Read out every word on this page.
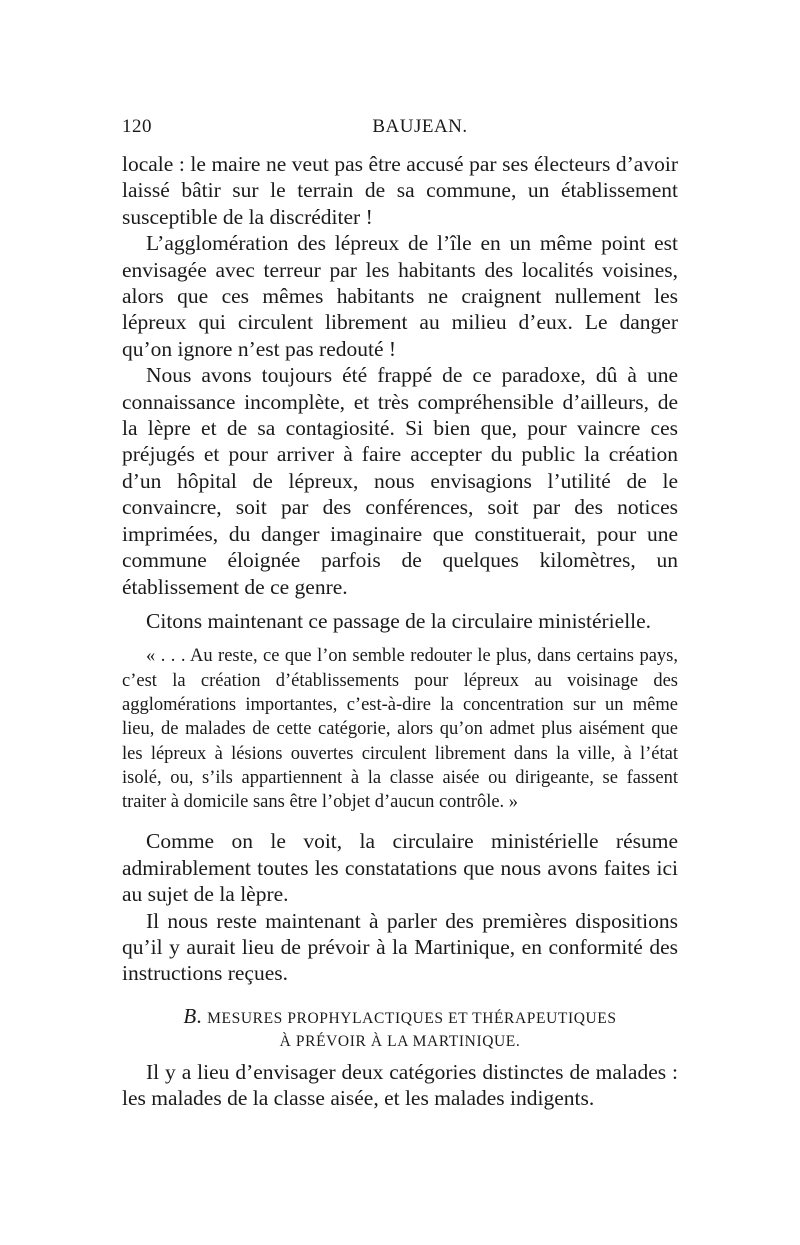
120	BAUJEAN.

locale : le maire ne veut pas être accusé par ses électeurs d’avoir laissé bâtir sur le terrain de sa commune, un établissement susceptible de la discréditer !

L’agglomération des lépreux de l’île en un même point est envisagée avec terreur par les habitants des localités voisines, alors que ces mêmes habitants ne craignent nullement les lépreux qui circulent librement au milieu d’eux. Le danger qu’on ignore n’est pas redouté !

Nous avons toujours été frappé de ce paradoxe, dû à une connaissance incomplète, et très compréhensible d’ailleurs, de la lèpre et de sa contagiosité. Si bien que, pour vaincre ces préjugés et pour arriver à faire accepter du public la création d’un hôpital de lépreux, nous envisagions l’utilité de le convaincre, soit par des conférences, soit par des notices imprimées, du danger imaginaire que constituerait, pour une commune éloignée parfois de quelques kilomètres, un établissement de ce genre.

Citons maintenant ce passage de la circulaire ministérielle.

« . . . Au reste, ce que l’on semble redouter le plus, dans certains pays, c’est la création d’établissements pour lépreux au voisinage des agglomérations importantes, c’est-à-dire la concentration sur un même lieu, de malades de cette catégorie, alors qu’on admet plus aisément que les lépreux à lésions ouvertes circulent librement dans la ville, à l’état isolé, ou, s’ils appartiennent à la classe aisée ou dirigeante, se fassent traiter à domicile sans être l’objet d’aucun contrôle. »

Comme on le voit, la circulaire ministérielle résume admirablement toutes les constatations que nous avons faites ici au sujet de la lèpre.

Il nous reste maintenant à parler des premières dispositions qu’il y aurait lieu de prévoir à la Martinique, en conformité des instructions reçues.

B. MESURES PROPHYLACTIQUES ET THÉRAPEUTIQUES
À PRÉVOIR À LA MARTINIQUE.

Il y a lieu d’envisager deux catégories distinctes de malades : les malades de la classe aisée, et les malades indigents.
